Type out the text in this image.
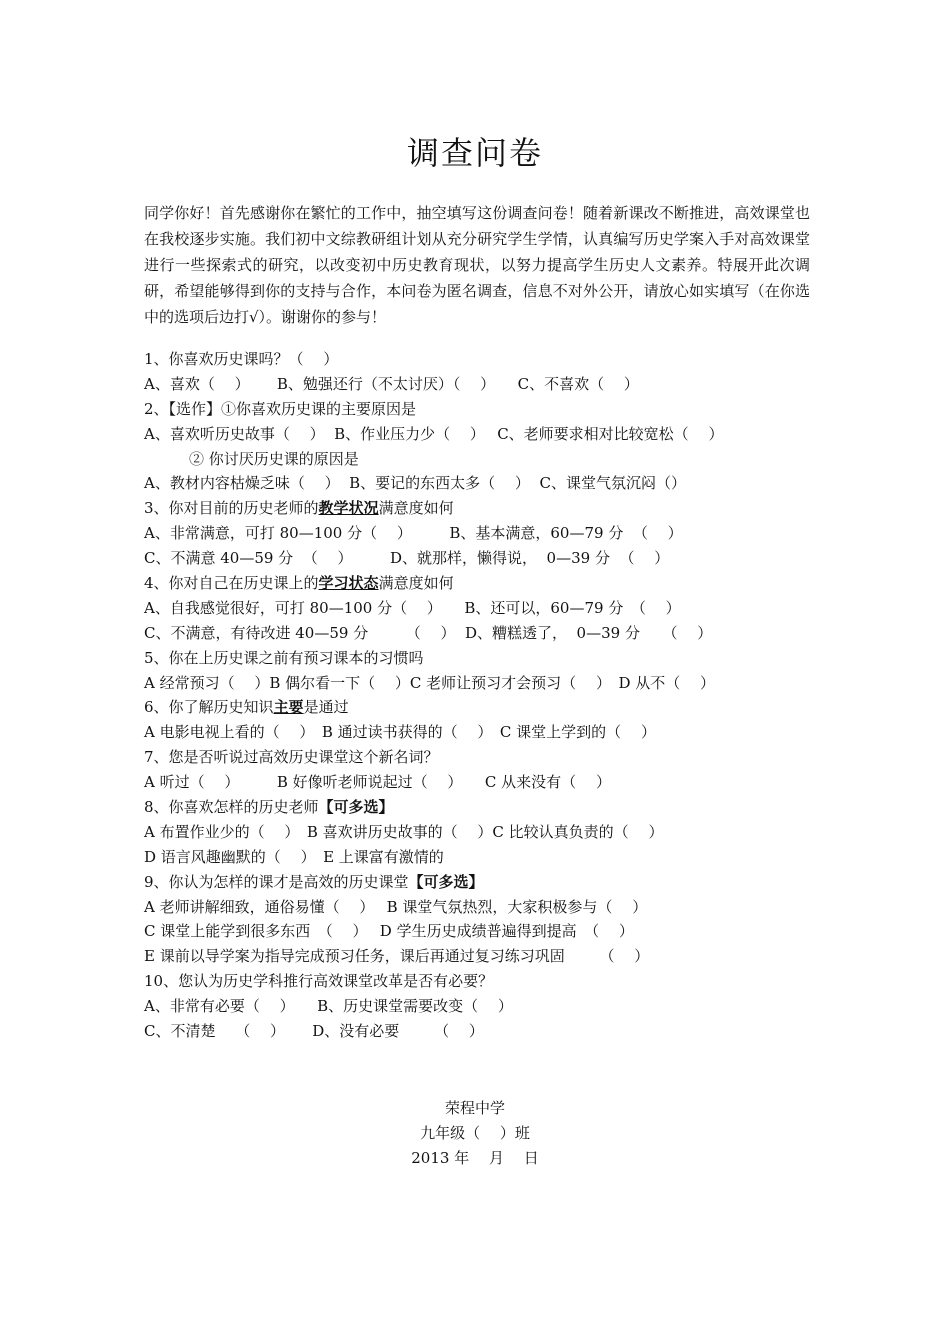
调查问卷
同学你好！首先感谢你在繁忙的工作中，抽空填写这份调查问卷！随着新课改不断推进，高效课堂也在我校逐步实施。我们初中文综教研组计划从充分研究学生学情，认真编写历史学案入手对高效课堂进行一些探索式的研究，以改变初中历史教育现状，以努力提高学生历史人文素养。特展开此次调研，希望能够得到你的支持与合作，本问卷为匿名调查，信息不对外公开，请放心如实填写（在你选中的选项后边打√）。谢谢你的参与！
1、你喜欢历史课吗？（　 ）
A、喜欢（　 ）　　 B、勉强还行（不太讨厌）（　 ）　　C、不喜欢（　 ）
2、【选作】①你喜欢历史课的主要原因是
A、喜欢听历史故事（　 ）  B、作业压力少（　 ）　 C、老师要求相对比较宽松（　 ）
② 你讨厌历史课的原因是
A、教材内容枯燥乏味（　 ）  B、要记的东西太多（　 ）  C、课堂气氛沉闷（）
3、你对目前的历史老师的教学状况满意度如何
A、非常满意，可打 80—100 分（　 ）　　　B、基本满意，60—79 分  （　 ）
C、不满意 40—59 分  （　 ）　　　D、就那样，懒得说，  0—39 分  （　 ）
4、你对自己在历史课上的学习状态满意度如何
A、自我感觉很好，可打 80—100 分（　 ）　　B、还可以，60—79 分　（　 ）
C、不满意，有待改进 40—59 分　　　（　 ）  D、糟糕透了，  0—39 分　　（　 ）
5、你在上历史课之前有预习课本的习惯吗
A 经常预习（　 ）B 偶尔看一下（　 ）C 老师让预习才会预习（　 ）　D 从不（　 ）
6、你了解历史知识主要是通过
A 电影电视上看的（　 ）　B 通过读书获得的（　 ）　C 课堂上学到的（　 ）
7、您是否听说过高效历史课堂这个新名词？
A 听过（　 ）　　　B 好像听老师说起过（　 ）　　C 从来没有（　 ）
8、你喜欢怎样的历史老师【可多选】
A 布置作业少的（　 ）　B 喜欢讲历史故事的（　 ）C 比较认真负责的（　 ）
D 语言风趣幽默的（　 ）　E 上课富有激情的
9、你认为怎样的课才是高效的历史课堂【可多选】
A 老师讲解细致，通俗易懂（　 ）　 B 课堂气氛热烈，大家积极参与（　 ）
C 课堂上能学到很多东西　（　 ）　 D 学生历史成绩普遍得到提高　（　 ）
E 课前以导学案为指导完成预习任务，课后再通过复习练习巩固　　 （　 ）
10、您认为历史学科推行高效课堂改革是否有必要？
A、非常有必要（　 ）　　B、历史课堂需要改变（　 ）
C、不清楚　 （　 ）　　 D、没有必要　　 （　 ）
荣程中学
九年级（　 ）班
2013 年　 月　 日
